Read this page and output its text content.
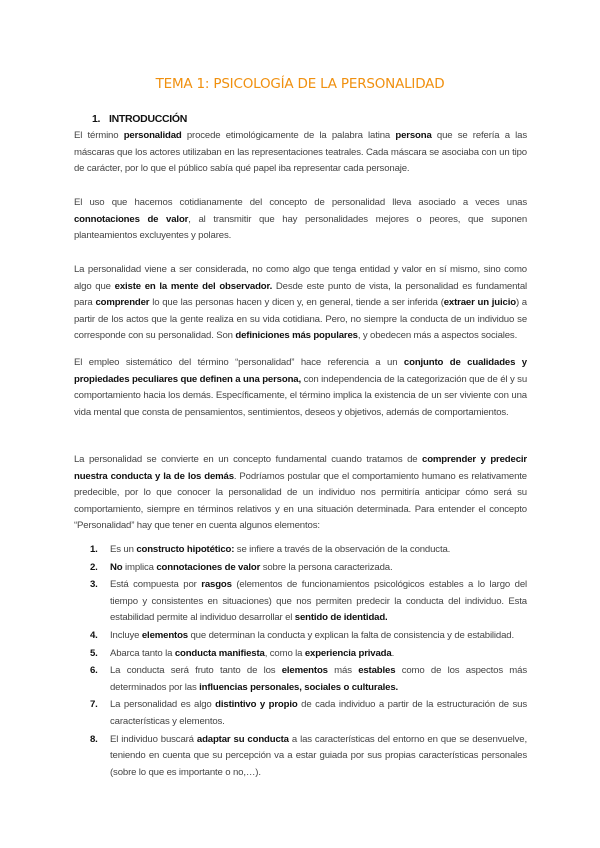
TEMA 1: PSICOLOGÍA DE LA PERSONALIDAD
1. INTRODUCCIÓN

El término personalidad procede etimológicamente de la palabra latina persona que se refería a las máscaras que los actores utilizaban en las representaciones teatrales. Cada máscara se asociaba con un tipo de carácter, por lo que el público sabía qué papel iba representar cada personaje.

El uso que hacemos cotidianamente del concepto de personalidad lleva asociado a veces unas connotaciones de valor, al transmitir que hay personalidades mejores o peores, que suponen planteamientos excluyentes y polares.

La personalidad viene a ser considerada, no como algo que tenga entidad y valor en sí mismo, sino como algo que existe en la mente del observador. Desde este punto de vista, la personalidad es fundamental para comprender lo que las personas hacen y dicen y, en general, tiende a ser inferida (extraer un juicio) a partir de los actos que la gente realiza en su vida cotidiana. Pero, no siempre la conducta de un individuo se corresponde con su personalidad. Son definiciones más populares, y obedecen más a aspectos sociales.

El empleo sistemático del término “personalidad” hace referencia a un conjunto de cualidades y propiedades peculiares que definen a una persona, con independencia de la categorización que de él y su comportamiento hacia los demás. Específicamente, el término implica la existencia de un ser viviente con una vida mental que consta de pensamientos, sentimientos, deseos y objetivos, además de comportamientos.

La personalidad se convierte en un concepto fundamental cuando tratamos de comprender y predecir nuestra conducta y la de los demás. Podríamos postular que el comportamiento humano es relativamente predecible, por lo que conocer la personalidad de un individuo nos permitiría anticipar cómo será su comportamiento, siempre en términos relativos y en una situación determinada. Para entender el concepto “Personalidad” hay que tener en cuenta algunos elementos:

1. Es un constructo hipotético: se infiere a través de la observación de la conducta.
2. No implica connotaciones de valor sobre la persona caracterizada.
3. Está compuesta por rasgos (elementos de funcionamientos psicológicos estables a lo largo del tiempo y consistentes en situaciones) que nos permiten predecir la conducta del individuo. Esta estabilidad permite al individuo desarrollar el sentido de identidad.
4. Incluye elementos que determinan la conducta y explican la falta de consistencia y de estabilidad.
5. Abarca tanto la conducta manifiesta, como la experiencia privada.
6. La conducta será fruto tanto de los elementos más estables como de los aspectos más determinados por las influencias personales, sociales o culturales.
7. La personalidad es algo distintivo y propio de cada individuo a partir de la estructuración de sus características y elementos.
8. El individuo buscará adaptar su conducta a las características del entorno en que se desenvuelve, teniendo en cuenta que su percepción va a estar guiada por sus propias características personales (sobre lo que es importante o no,…).
